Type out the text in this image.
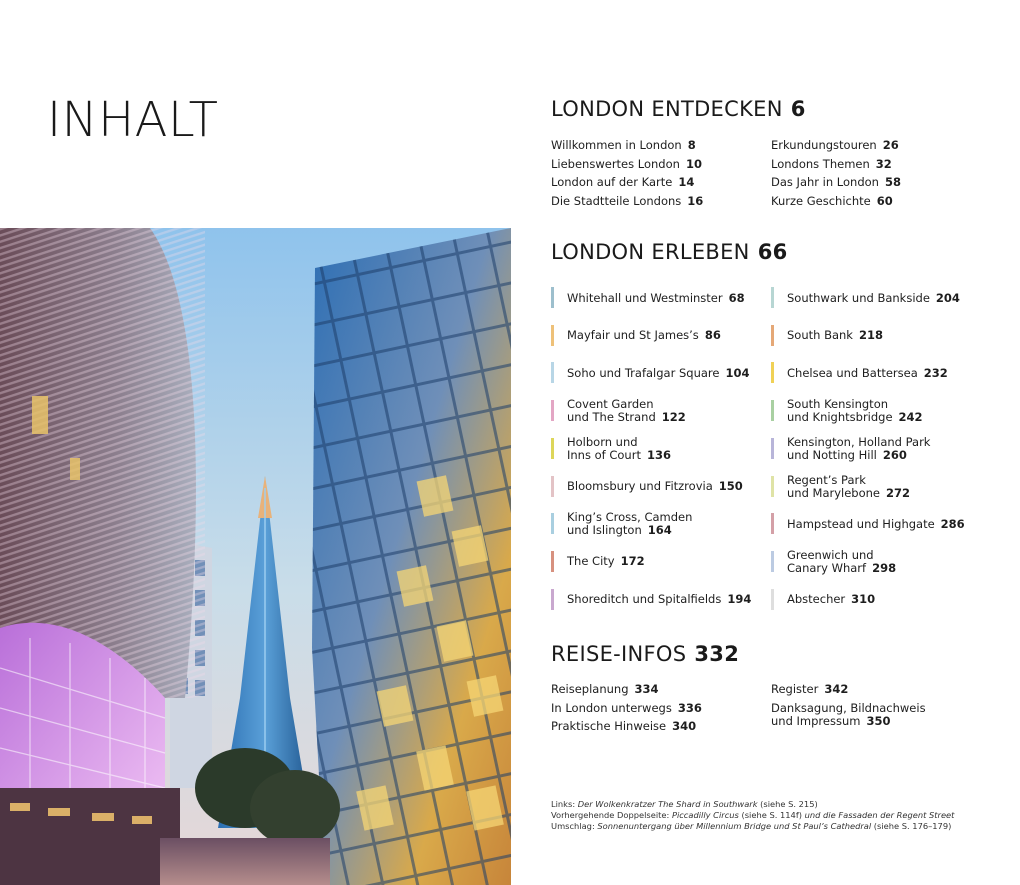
INHALT	LONDON ENTDECKEN 6
Willkommen in London 8
Liebenswertes London 10
London auf der Karte 14
Die Stadtteile Londons 16
Erkundungstouren 26
Londons Themen 32
Das Jahr in London 58
Kurze Geschichte 60
LONDON ERLEBEN 66
Whitehall und Westminster 68
Mayfair und St James’s 86
Soho und Trafalgar Square 104
Covent Garden
und The Strand 122
Holborn und
Inns of Court 136
Bloomsbury und Fitzrovia 150
King’s Cross, Camden
und Islington 164
The City 172
Shoreditch und Spitalfields 194
Southwark und Bankside 204
South Bank 218
Chelsea und Battersea 232
South Kensington
und Knightsbridge 242
Kensington, Holland Park
und Notting Hill 260
Regent’s Park
und Marylebone 272
Hampstead und Highgate 286
Greenwich und
Canary Wharf 298
Abstecher 310
REISE-INFOS 332
Reiseplanung 334
In London unterwegs 336
Praktische Hinweise 340
Register 342
Danksagung, Bildnachweis
und Impressum 350
Links: Der Wolkenkratzer The Shard in Southwark (siehe S. 215)
Vorhergehende Doppelseite: Piccadilly Circus (siehe S. 114f) und die Fassaden der Regent Street
Umschlag: Sonnenuntergang über Millennium Bridge und St Paul’s Cathedral (siehe S. 176–179)
